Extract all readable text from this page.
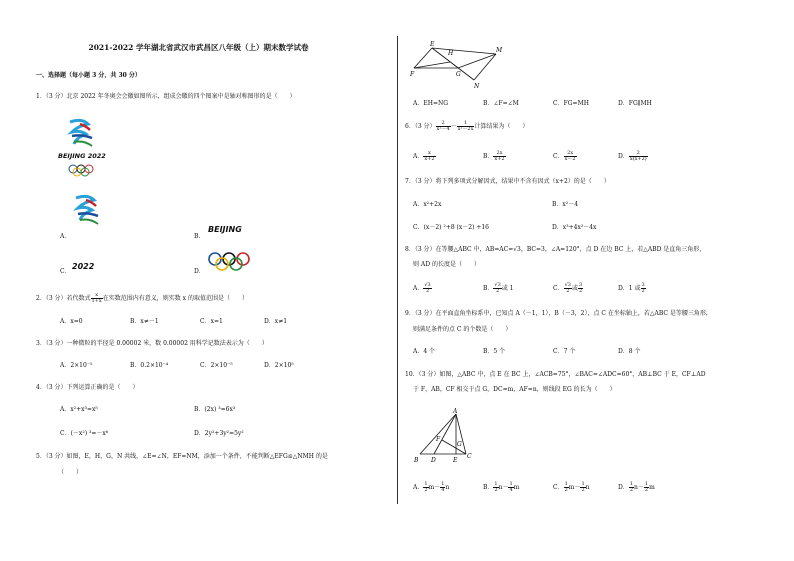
2021-2022 学年湖北省武汉市武昌区八年级（上）期末数学试卷
一、选择题（每小题 3 分，共 30 分）
1．（3 分）北京 2022 年冬奥会会徽如图所示，组成会徽的四个图案中是轴对称图形的是（　　）
BEIJING 2022
A．	B．
BEIJING
C．
2022
D．
2．（3 分）若代数式 $\frac{x}{1+x}$ 在实数范围内有意义，则实数 x 的取值范围是（　　）
A．x=0	B．x≠－1	C．x=1	D．x≠1
3．（3 分）一种微粒的半径是 0.00002 米，数 0.00002 用科学记数法表示为（　　）
A．2×10⁻⁵	B．0.2×10⁻⁴	C．2×10⁻⁵	D．2×10⁵
4．（3 分）下列运算正确的是（　　）
A．x²+x³=x⁵	B．(2x) ³=6x³
C．(－x²) ³=－x⁶	D．2y²+3y²=5y²
5．（3 分）如图，E，H，G，N 共线，∠E=∠N，EF=NM，添加一个条件，不能判断△EFG≌△NMH 的是
（　　）
E
H	M
F	G
N
A．EH=NG	B．∠F=∠M	C．FG=MH	D．FG∥MH
6．（3 分） $\frac{2}{\text{x²－4}} - \frac{1}{\text{x²－2x}}$ 计算结果为（　　）
A． $\frac{x}{x+2}$	B． $\frac{2x}{x+2}$	C． $\frac{2x}{x-2}$	D． $\frac{2}{x(x+2)}$
7．（3 分）将下列多项式分解因式，结果中不含有因式（x+2）的是（　　）
A．x²+2x	B．x²－4
C．(x－2) ²+8 (x－2) +16	D．x³+4x²－4x
8．（3 分）在等腰△ABC 中，AB=AC=√3，BC=3，∠A=120°，点 D 在边 BC 上，若△ABD 是直角三角形，
则 AD 的长度是（　　）
A． $\frac{√3}{2}$	B． $\frac{√3}{2}$ 或 1	C． $\frac{√3}{2}$ 或 $\frac{3}{2}$	D．1 或 $\frac{3}{2}$
9．（3 分）在平面直角坐标系中，已知点 A（－1，1），B（－3，2），点 C 在坐标轴上，若△ABC 是等腰三角形，
则满足条件的点 C 的个数是（　　）
A．4 个	B．5 个	C．7 个	D．8 个
10．（3 分）如图，△ABC 中，点 E 在 BC 上，∠ACB=75°，∠BAC=∠ADC=60°，AB⊥BC 于 E，CF⊥AD
于 F，AB，CF 相交于点 G，DC=m，AF=n，则线段 EG 的长为（　　）
A
F
G
B D	E
C
A． $\frac{1}{2} m- \frac{1}{4}$ n	B． $\frac{1}{2} n- \frac{1}{4}$ m	C． $\frac{1}{2} m- \frac{1}{2}$ n	D． $\frac{1}{2} n- \frac{1}{2}$ m
